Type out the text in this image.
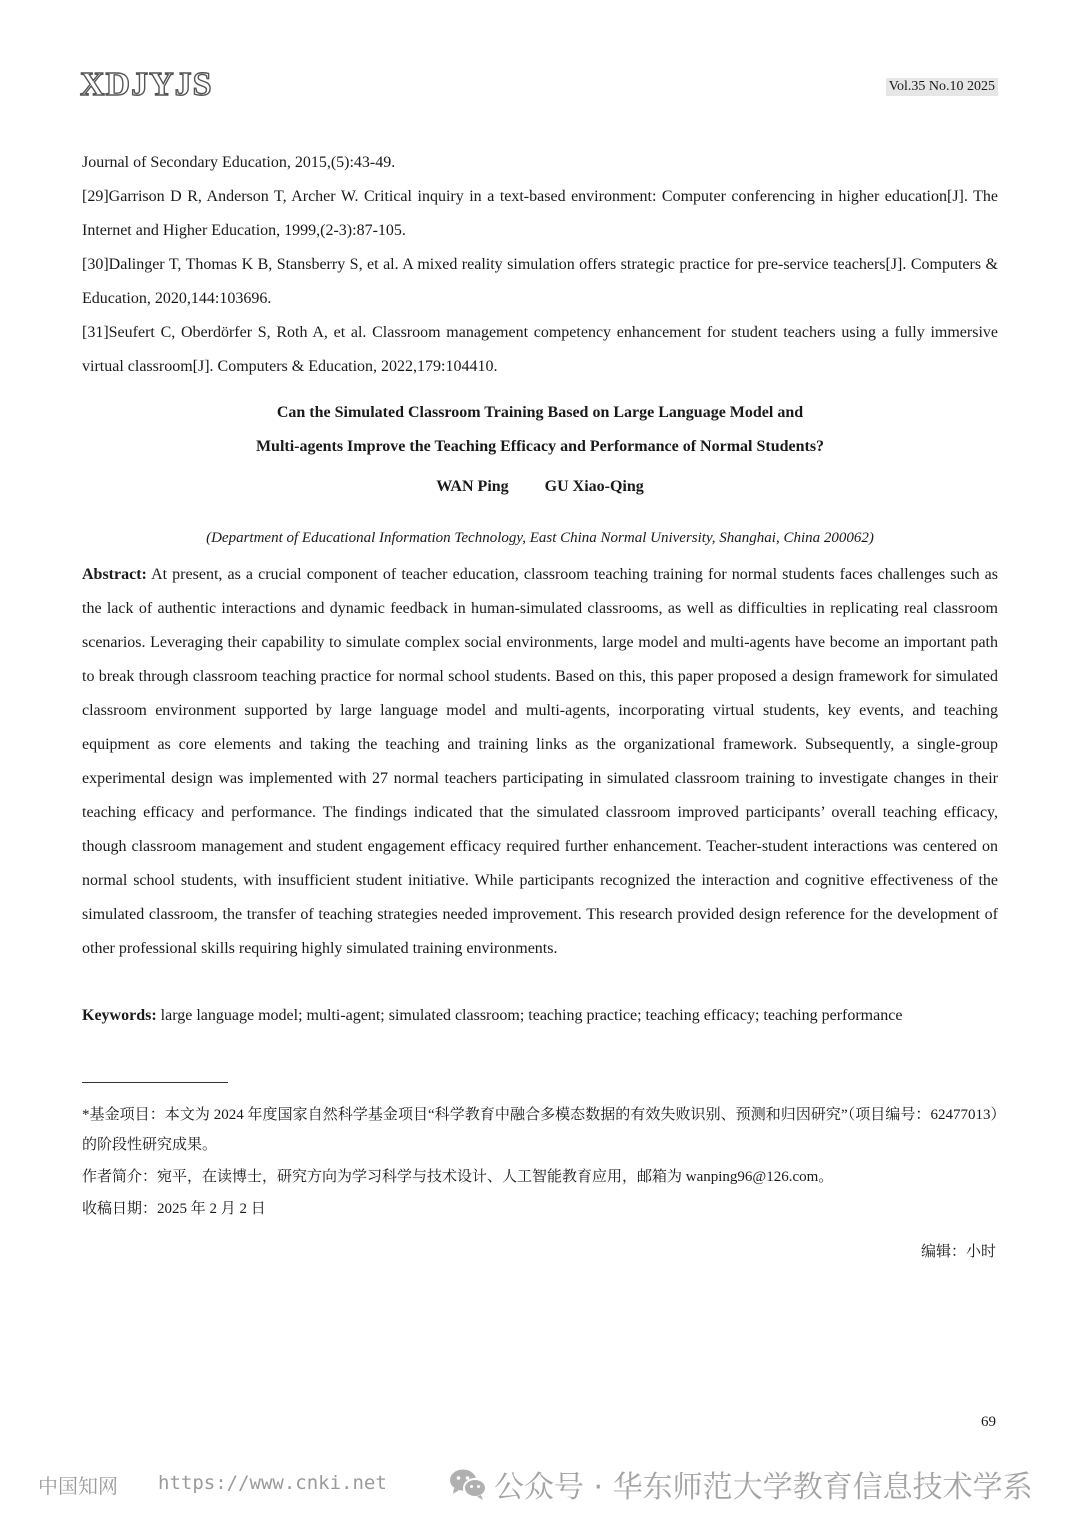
XDJYJS	Vol.35 No.10 2025

Journal of Secondary Education, 2015,(5):43-49.

[29]Garrison D R, Anderson T, Archer W. Critical inquiry in a text-based environment: Computer conferencing in higher education[J]. The Internet and Higher Education, 1999,(2-3):87-105.

[30]Dalinger T, Thomas K B, Stansberry S, et al. A mixed reality simulation offers strategic practice for pre-service teachers[J]. Computers & Education, 2020,144:103696.

[31]Seufert C, Oberdörfer S, Roth A, et al. Classroom management competency enhancement for student teachers using a fully immersive virtual classroom[J]. Computers & Education, 2022,179:104410.

Can the Simulated Classroom Training Based on Large Language Model and
Multi-agents Improve the Teaching Efficacy and Performance of Normal Students?
WAN Ping GU Xiao-Qing
(Department of Educational Information Technology, East China Normal University, Shanghai, China 200062)
Abstract: At present, as a crucial component of teacher education, classroom teaching training for normal students faces challenges such as the lack of authentic interactions and dynamic feedback in human-simulated classrooms, as well as difficulties in replicating real classroom scenarios. Leveraging their capability to simulate complex social environments, large model and multi-agents have become an important path to break through classroom teaching practice for normal school students. Based on this, this paper proposed a design framework for simulated classroom environment supported by large language model and multi-agents, incorporating virtual students, key events, and teaching equipment as core elements and taking the teaching and training links as the organizational framework. Subsequently, a single-group experimental design was implemented with 27 normal teachers participating in simulated classroom training to investigate changes in their teaching efficacy and performance. The findings indicated that the simulated classroom improved participants’ overall teaching efficacy, though classroom management and student engagement efficacy required further enhancement. Teacher-student interactions was centered on normal school students, with insufficient student initiative. While participants recognized the interaction and cognitive effectiveness of the simulated classroom, the transfer of teaching strategies needed improvement. This research provided design reference for the development of other professional skills requiring highly simulated training environments.
Keywords: large language model; multi-agent; simulated classroom; teaching practice; teaching efficacy; teaching performance

*基金项目：本文为 2024 年度国家自然科学基金项目“科学教育中融合多模态数据的有效失败识别、预测和归因研究”（项目编号：62477013）的阶段性研究成果。

作者简介：宛平，在读博士，研究方向为学习科学与技术设计、人工智能教育应用，邮箱为 wanping96@126.com。

收稿日期：2025 年 2 月 2 日

编辑：小时
69
中国知网 https://www.cnki.net	公众号 · 华东师范大学教育信息技术学系
